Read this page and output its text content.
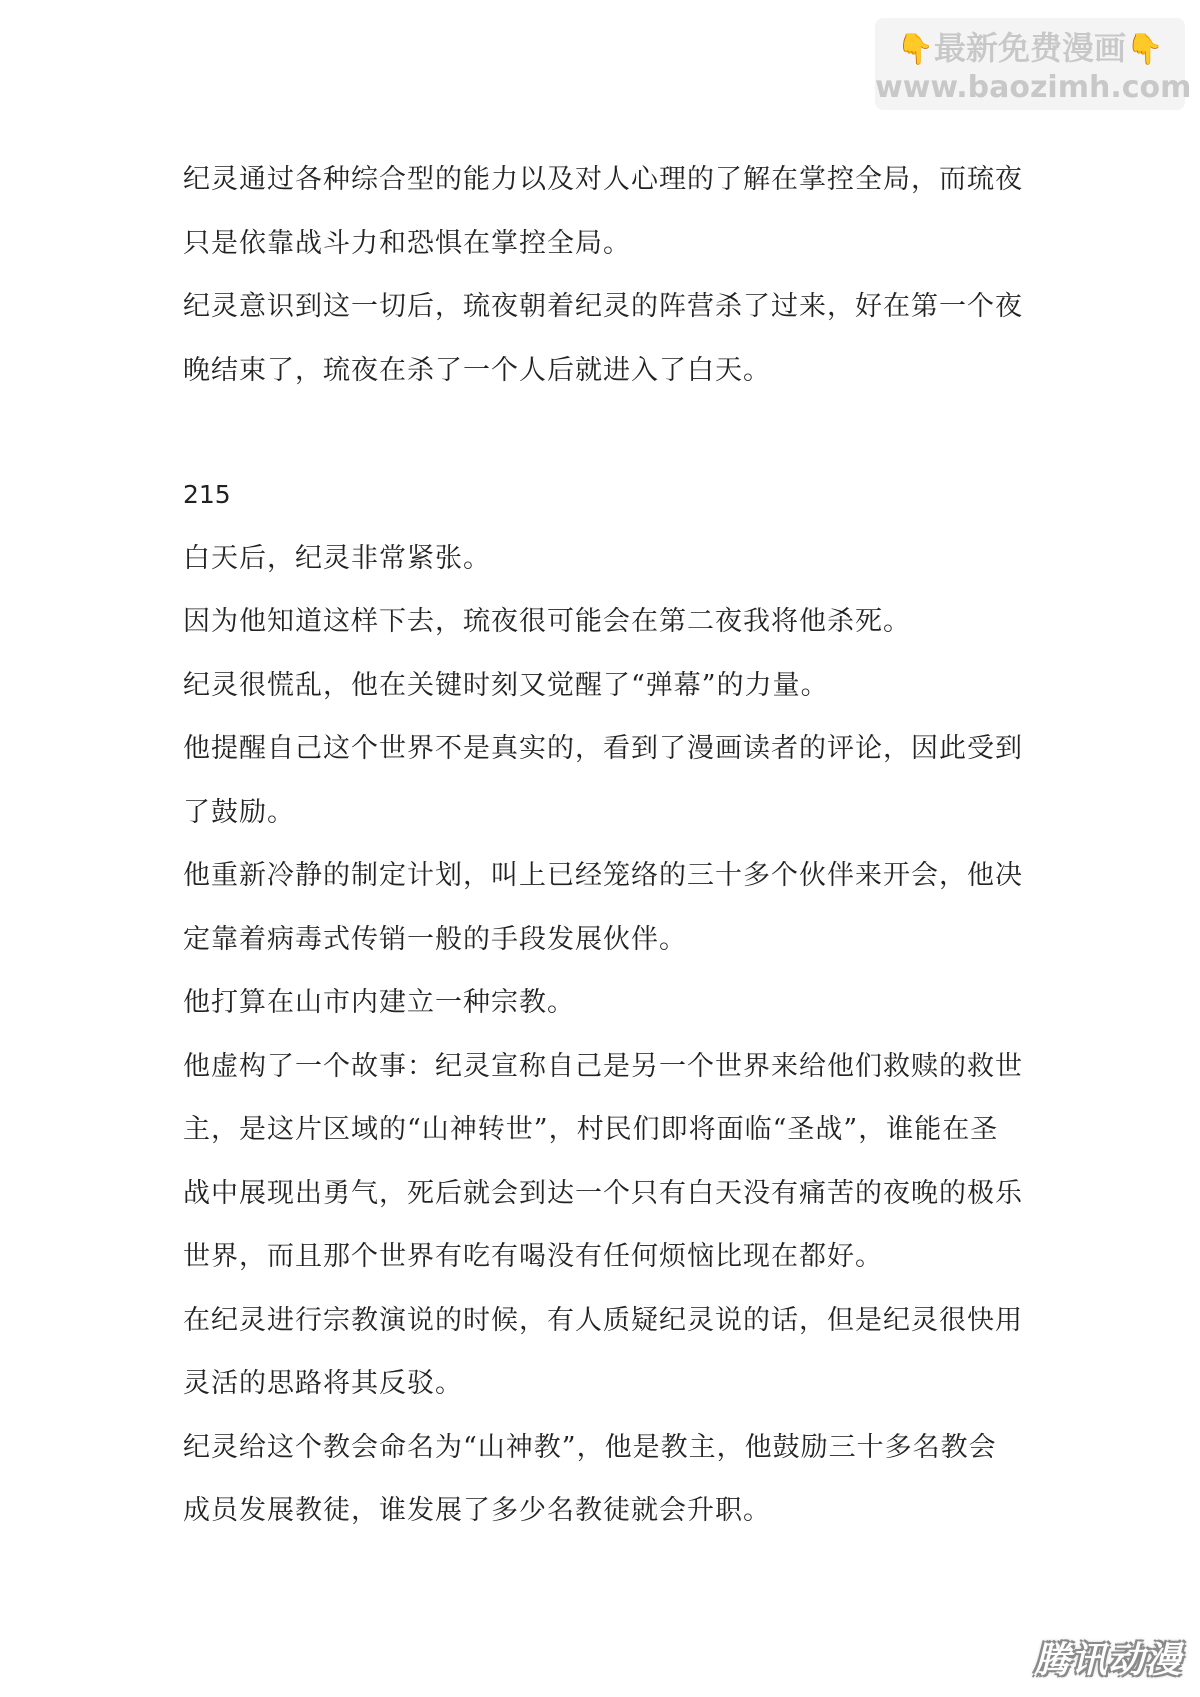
👇最新免费漫画👇
www.baozimh.com

纪灵通过各种综合型的能力以及对人心理的了解在掌控全局，而琉夜只是依靠战斗力和恐惧在掌控全局。

纪灵意识到这一切后，琉夜朝着纪灵的阵营杀了过来，好在第一个夜晚结束了，琉夜在杀了一个人后就进入了白天。

215

白天后，纪灵非常紧张。

因为他知道这样下去，琉夜很可能会在第二夜我将他杀死。

纪灵很慌乱，他在关键时刻又觉醒了“弹幕”的力量。

他提醒自己这个世界不是真实的，看到了漫画读者的评论，因此受到了鼓励。

他重新冷静的制定计划，叫上已经笼络的三十多个伙伴来开会，他决定靠着病毒式传销一般的手段发展伙伴。

他打算在山市内建立一种宗教。

他虚构了一个故事：纪灵宣称自己是另一个世界来给他们救赎的救世主，是这片区域的“山神转世”，村民们即将面临“圣战”，谁能在圣战中展现出勇气，死后就会到达一个只有白天没有痛苦的夜晚的极乐世界，而且那个世界有吃有喝没有任何烦恼比现在都好。

在纪灵进行宗教演说的时候，有人质疑纪灵说的话，但是纪灵很快用灵活的思路将其反驳。

纪灵给这个教会命名为“山神教”，他是教主，他鼓励三十多名教会成员发展教徒，谁发展了多少名教徒就会升职。

腾讯动漫
